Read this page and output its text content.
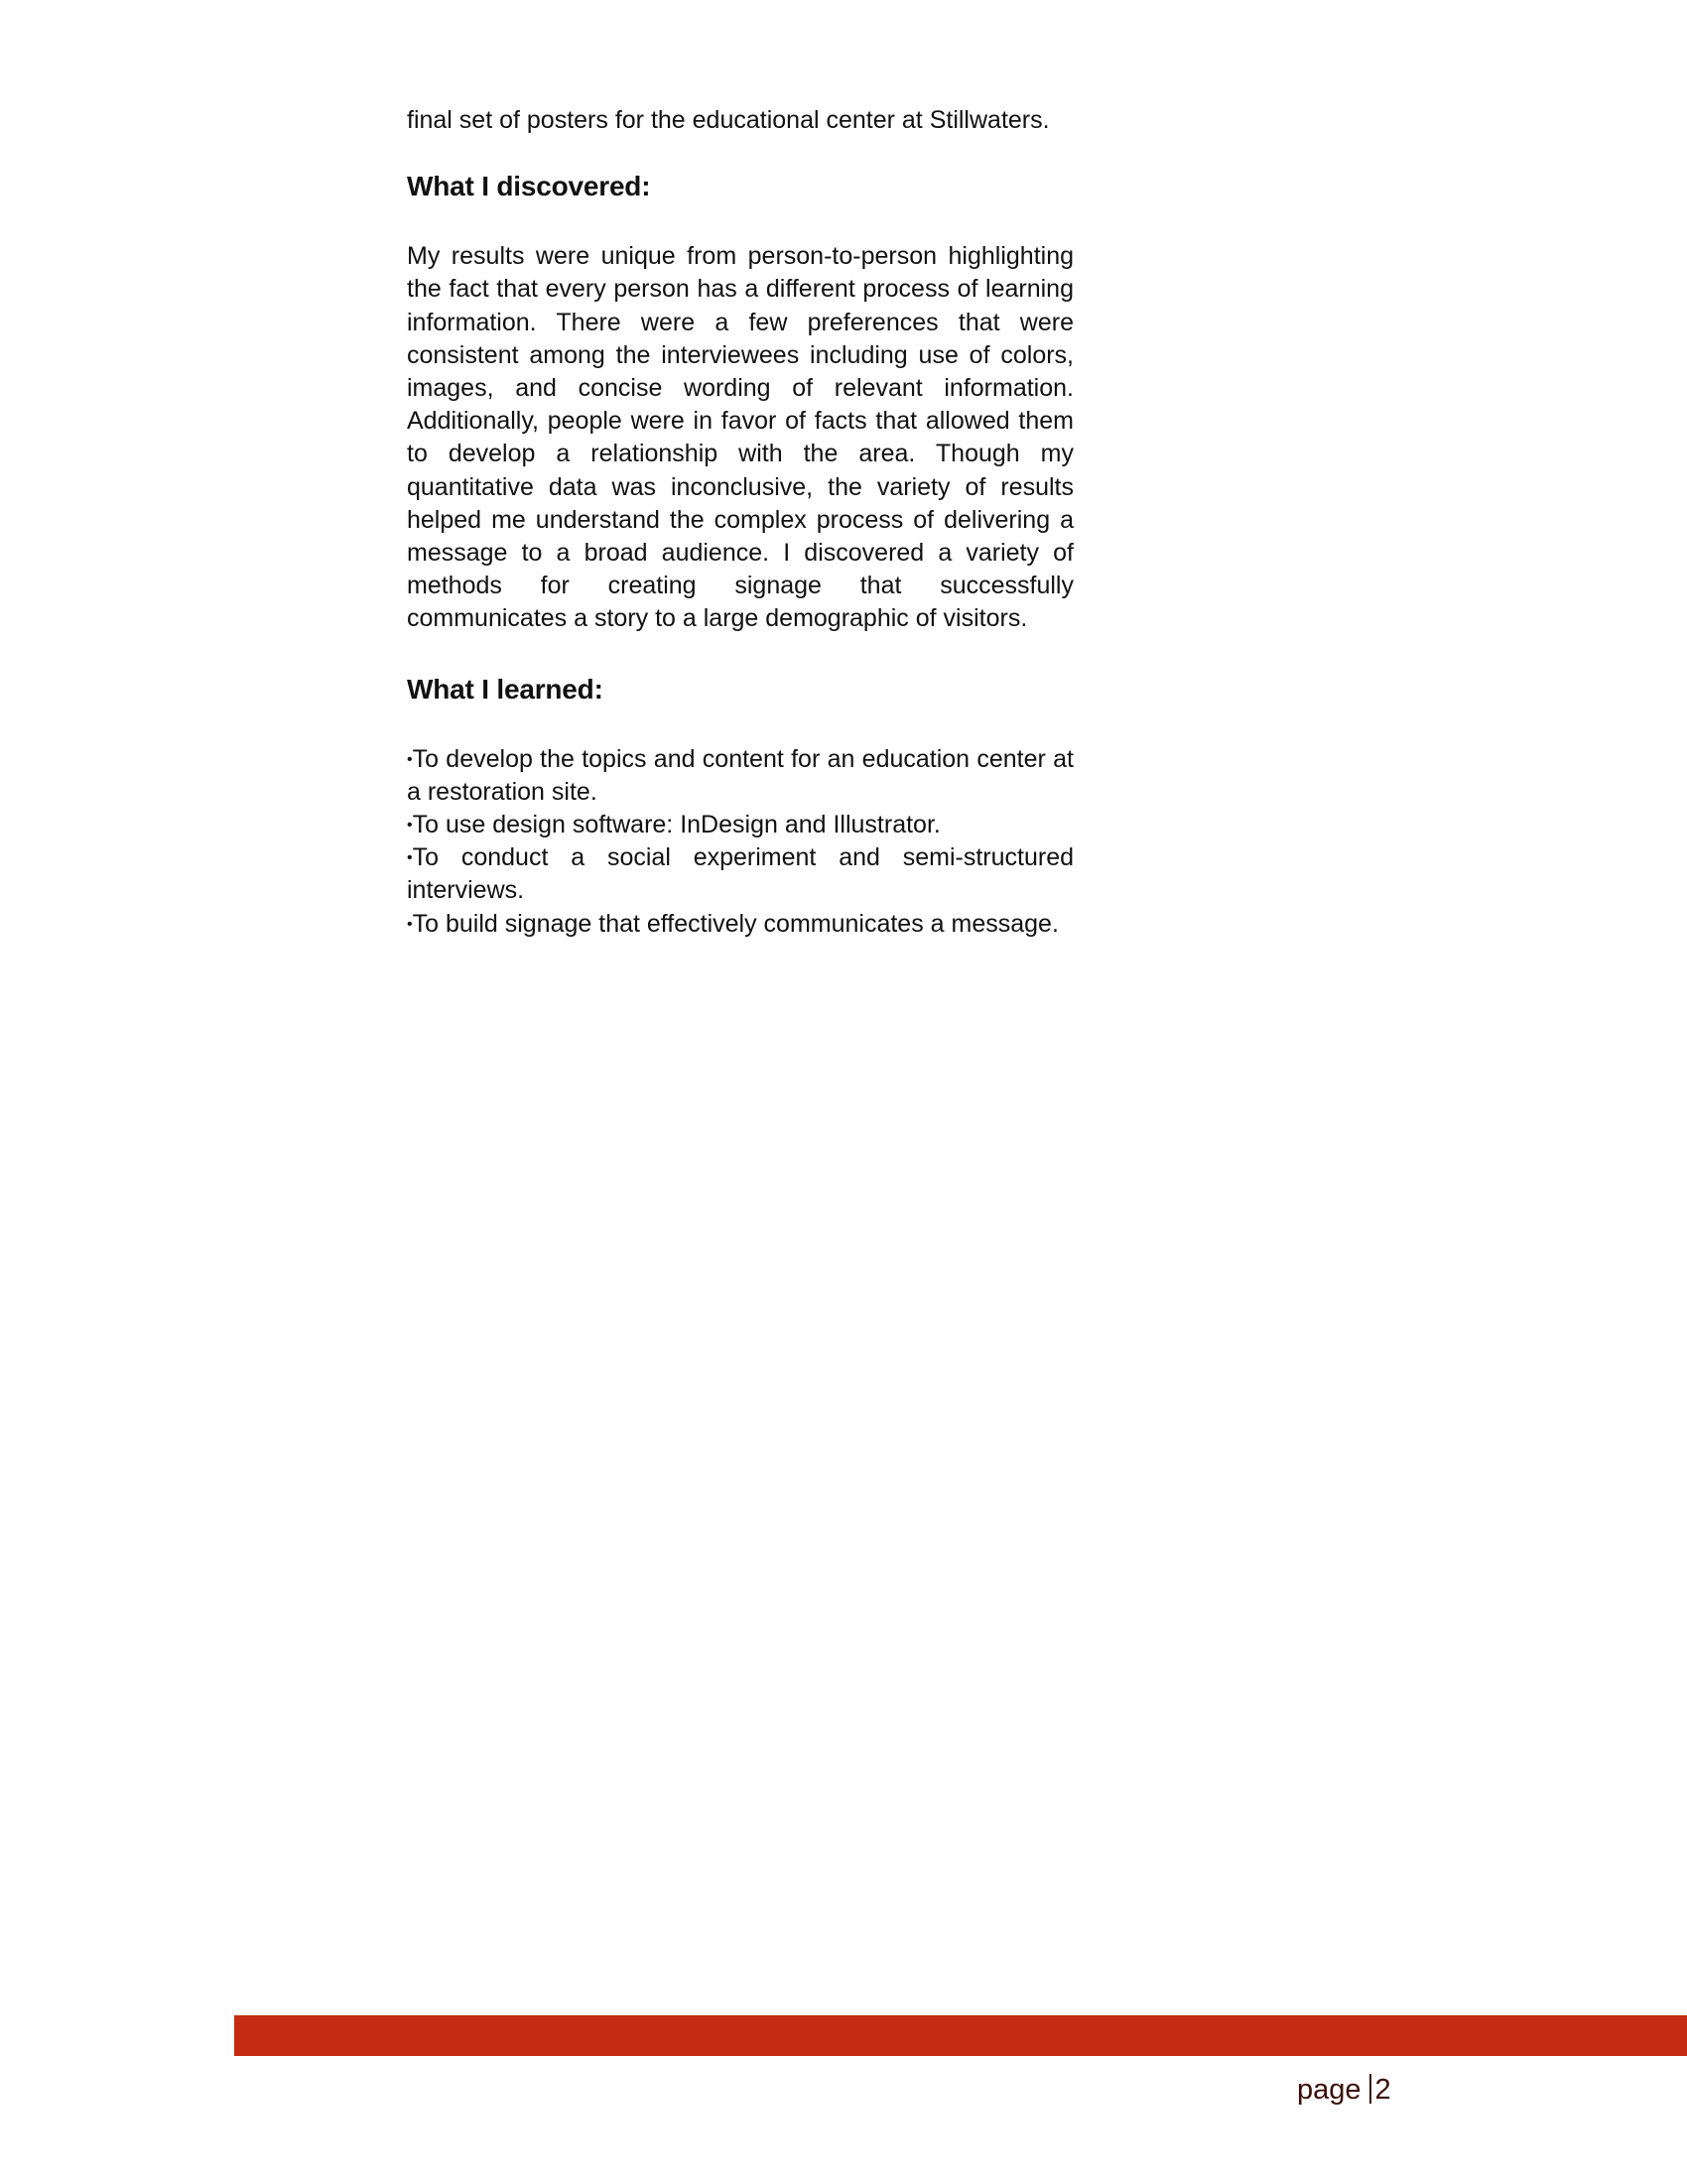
final set of posters for the educational center at Stillwaters.

What I discovered:

My results were unique from person-to-person highlighting the fact that every person has a different process of learning information. There were a few preferences that were consistent among the interviewees including use of colors, images, and concise wording of relevant information. Additionally, people were in favor of facts that allowed them to develop a relationship with the area. Though my quantitative data was inconclusive, the variety of results helped me understand the complex process of delivering a message to a broad audience. I discovered a variety of methods for creating signage that successfully communicates a story to a large demographic of visitors.

What I learned:
•To develop the topics and content for an education center at a restoration site.
•To use design software: InDesign and Illustrator.
•To conduct a social experiment and semi-structured interviews.
•To build signage that effectively communicates a message.
page 2
